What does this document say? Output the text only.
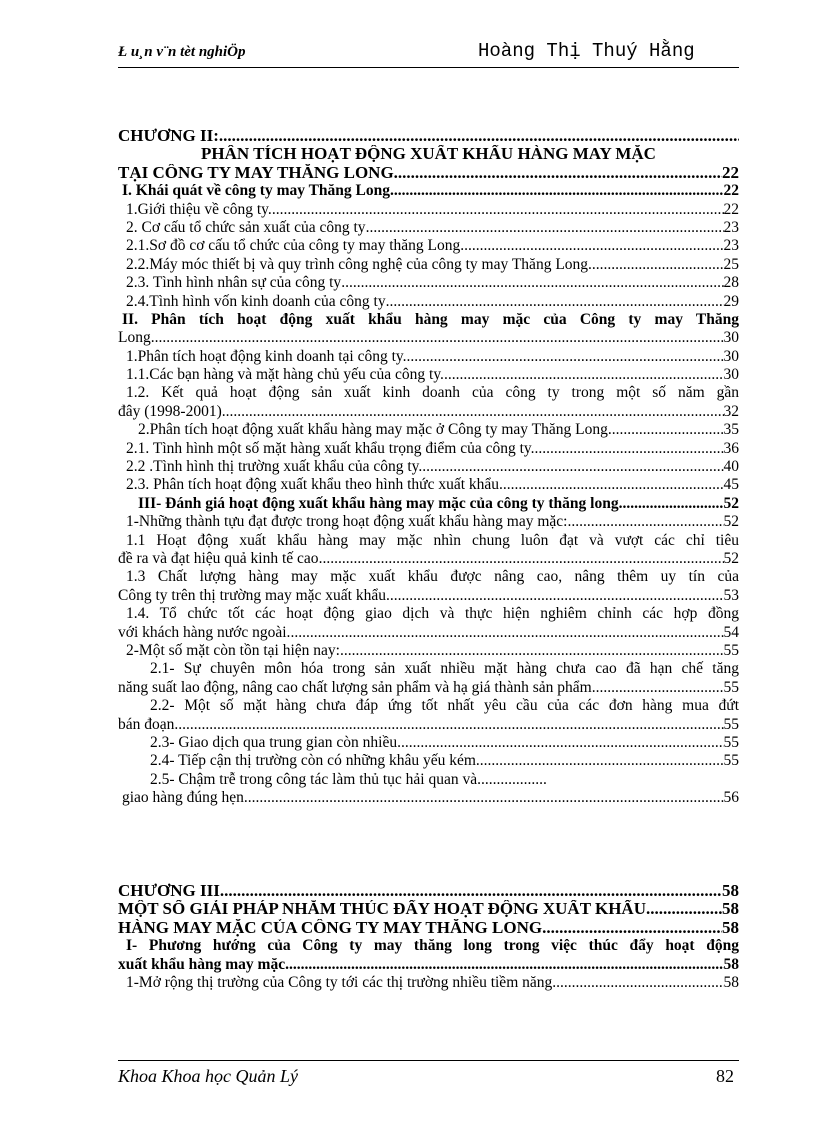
Ł u¸n v¨n tèt nghiÖp	Hoàng Thị Thuý Hằng
CHƯƠNG II:
.....
PHÂN TÍCH HOẠT ĐỘNG XUẤT KHẨU HÀNG MAY MẶC
TẠI CÔNG TY MAY THĂNG LONG .....	22
I. Khái quát về công ty may Thăng Long .....	22
1.Giới thiệu về công ty. .....	22
2. Cơ cấu tổ chức sản xuất của công ty .....	23
2.1.Sơ đồ cơ cấu tổ chức của công ty may thăng Long .....	23
2.2.Máy móc thiết bị và quy trình công nghệ của công ty may Thăng Long .....	25
2.3. Tình hình nhân sự của công ty .....	28
2.4.Tình hình vốn kinh doanh của công ty .....	29
II. Phân tích hoạt động xuất khẩu hàng may mặc của Công ty may Thăng
Long. .....	30
1.Phân tích hoạt động kinh doanh tại công ty. .....	30
1.1.Các bạn hàng và mặt hàng chủ yếu của công ty. .....	30
1.2. Kết quả hoạt động sản xuất kinh doanh của công ty trong một số năm gần
đây (1998-2001). .....	32
2.Phân tích hoạt động xuất khẩu hàng may mặc ở Công ty may Thăng Long. .....	35
2.1. Tình hình một số mặt hàng xuất khẩu trọng điểm của công ty. .....	36
2.2 .Tình hình thị trường xuất khẩu của công ty. .....	40
2.3. Phân tích hoạt động xuất khẩu theo hình thức xuất khẩu .....	45
III- Đánh giá hoạt động xuất khẩu hàng may mặc của công ty thăng long .....	52
1-Những thành tựu đạt được trong hoạt động xuất khẩu hàng may mặc: .....	52
1.1 Hoạt động xuất khẩu hàng may mặc nhìn chung luôn đạt và vượt các chỉ tiêu
đề ra và đạt hiệu quả kinh tế cao .....	52
1.3 Chất lượng hàng may mặc xuất khẩu được nâng cao, nâng thêm uy tín của
Công ty trên thị trường may mặc xuất khẩu. .....	53
1.4. Tổ chức tốt các hoạt động giao dịch và thực hiện nghiêm chỉnh các hợp đồng
với khách hàng nước ngoài. .....	54
2-Một số mặt còn tồn tại hiện nay: .....	55
2.1- Sự chuyên môn hóa trong sản xuất nhiều mặt hàng chưa cao đã hạn chế tăng
năng suất lao động, nâng cao chất lượng sản phẩm và hạ giá thành sản phẩm. .....	55
2.2- Một số mặt hàng chưa đáp ứng tốt nhất yêu cầu của các đơn hàng mua đứt
bán đoạn .....	55
2.3- Giao dịch qua trung gian còn nhiều. .....	55
2.4- Tiếp cận thị trường còn có những khâu yếu kém. .....	55
2.5- Chậm trễ trong công tác làm thủ tục hải quan và
.....
giao hàng đúng hẹn. .....	56
CHƯƠNG III .....	58
MỘT SỐ GIẢI PHÁP NHẰM THÚC ĐẨY HOẠT ĐỘNG XUẤT KHẨU .....	58
HÀNG MAY MẶC CỦA CÔNG TY MAY THĂNG LONG .....	58
I- Phương hướng của Công ty may thăng long trong việc thúc đẩy hoạt động
xuất khẩu hàng may mặc .....	58
1-Mở rộng thị trường của Công ty tới các thị trường nhiều tiềm năng. .....	58
Khoa Khoa học Quản Lý	82
